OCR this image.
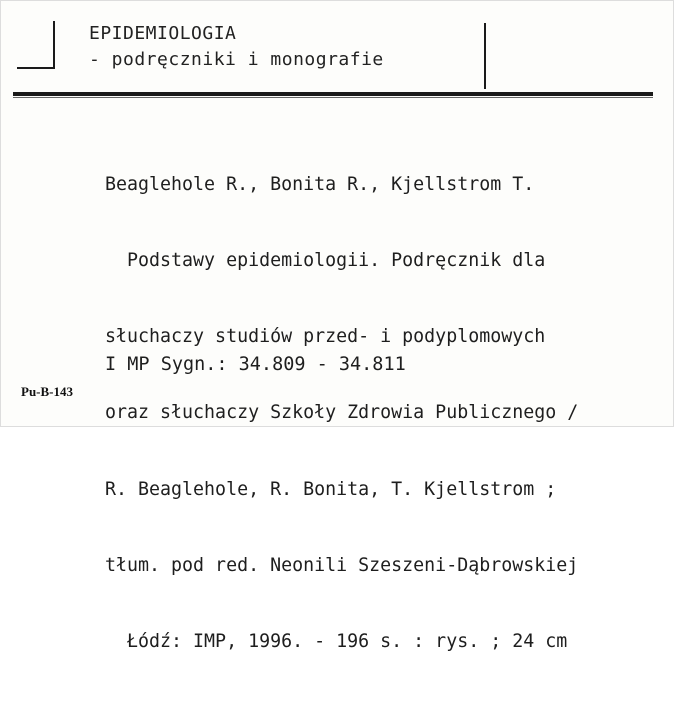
EPIDEMIOLOGIA
- podręczniki i monografie

Beaglehole R., Bonita R., Kjellstrom T.

Podstawy epidemiologii. Podręcznik dla

słuchaczy studiów przed- i podyplomowych

oraz słuchaczy Szkoły Zdrowia Publicznego /

R. Beaglehole, R. Bonita, T. Kjellstrom ;

tłum. pod red. Neonili Szeszeni-Dąbrowskiej

Łódź: IMP, 1996. - 196 s. : rys. ; 24 cm

I MP Sygn.: 34.809 - 34.811
Pu-B-143
